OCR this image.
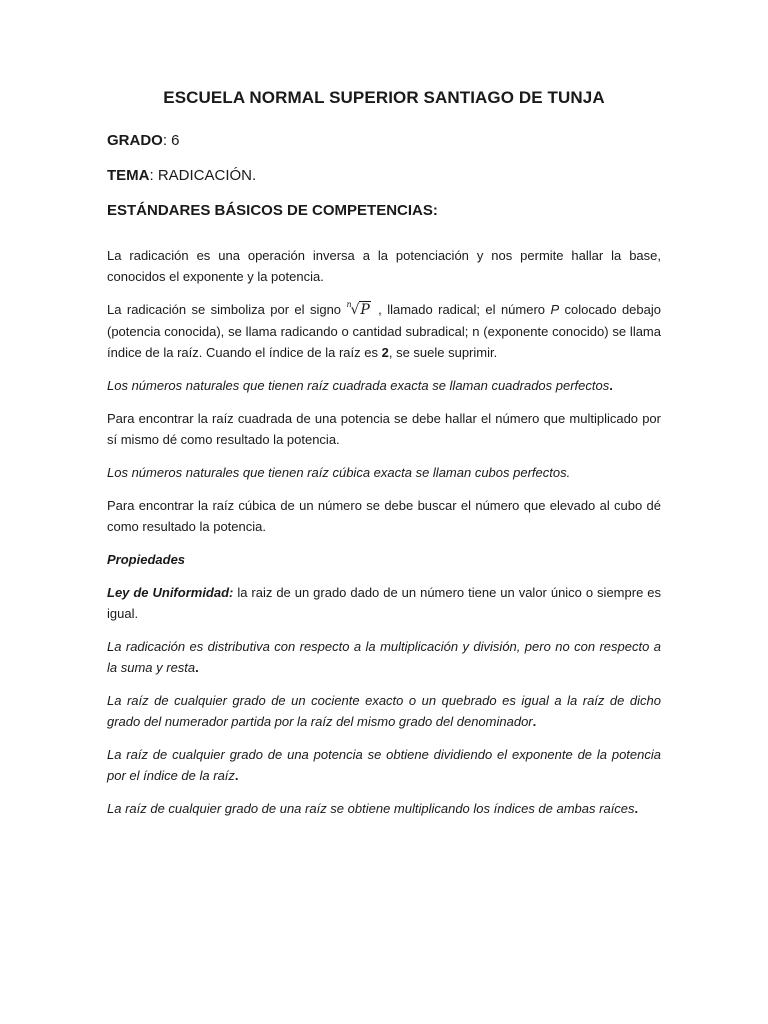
ESCUELA NORMAL SUPERIOR SANTIAGO DE TUNJA
GRADO: 6
TEMA: RADICACIÓN.
ESTÁNDARES BÁSICOS DE COMPETENCIAS:

La radicación es una operación inversa a la potenciación y nos permite hallar la base, conocidos el exponente y la potencia.

La radicación se simboliza por el signo n
√P , llamado radical; el número P colocado debajo (potencia conocida), se llama radicando o cantidad subradical; n (exponente conocido) se llama índice de la raíz. Cuando el índice de la raíz es 2, se suele suprimir.

Los números naturales que tienen raíz cuadrada exacta se llaman cuadrados perfectos.

Para encontrar la raíz cuadrada de una potencia se debe hallar el número que multiplicado por sí mismo dé como resultado la potencia.

Los números naturales que tienen raíz cúbica exacta se llaman cubos perfectos.

Para encontrar la raíz cúbica de un número se debe buscar el número que elevado al cubo dé como resultado la potencia.

Propiedades

Ley de Uniformidad: la raiz de un grado dado de un número tiene un valor único o siempre es igual.

La radicación es distributiva con respecto a la multiplicación y división, pero no con respecto a la suma y resta.

La raíz de cualquier grado de un cociente exacto o un quebrado es igual a la raíz de dicho grado del numerador partida por la raíz del mismo grado del denominador.

La raíz de cualquier grado de una potencia se obtiene dividiendo el exponente de la potencia por el índice de la raíz.

La raíz de cualquier grado de una raíz se obtiene multiplicando los índices de ambas raíces.
